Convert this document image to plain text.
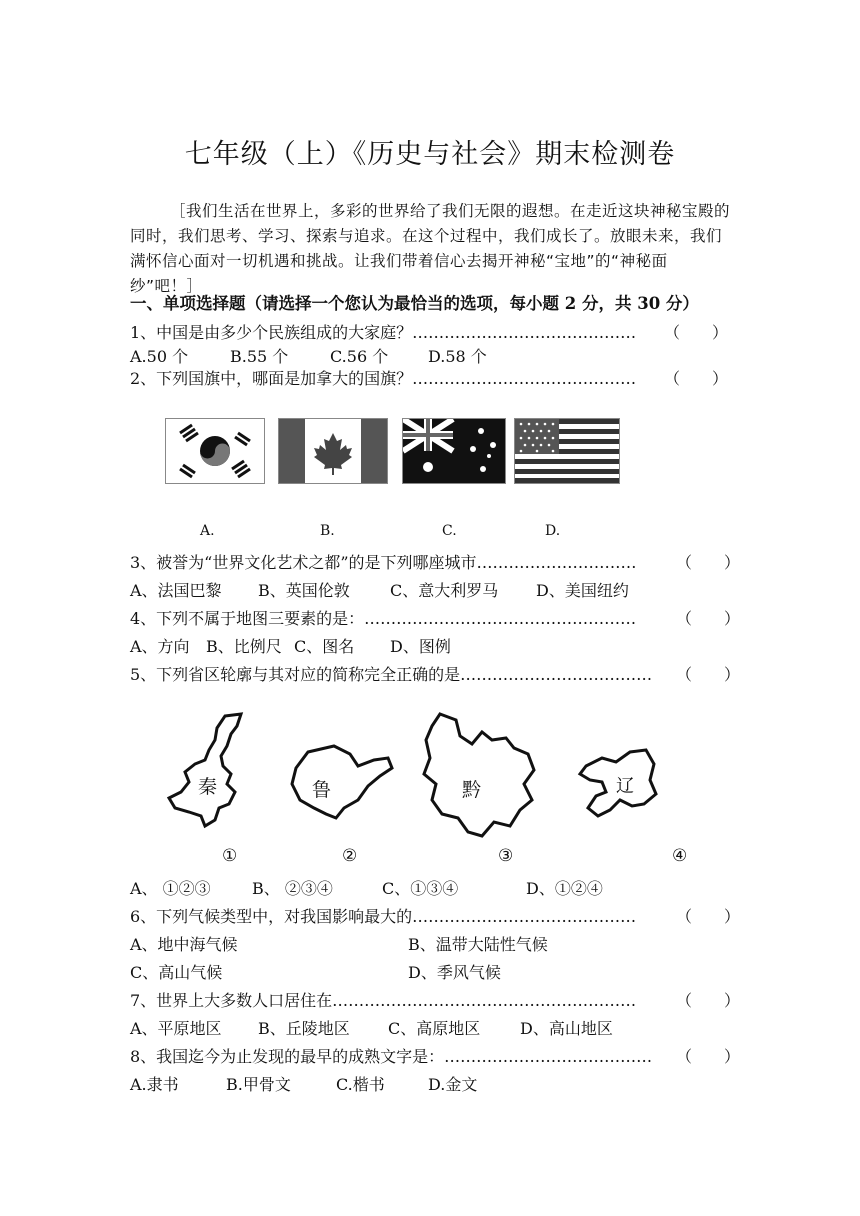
七年级（上）《历史与社会》期末检测卷
［我们生活在世界上，多彩的世界给了我们无限的遐想。在走近这块神秘宝殿的同时，我们思考、学习、探索与追求。在这个过程中，我们成长了。放眼未来，我们满怀信心面对一切机遇和挑战。让我们带着信心去揭开神秘“宝地”的“神秘面纱”吧！］
一、单项选择题（请选择一个您认为最恰当的选项，每小题 2 分，共 30 分）
1、中国是由多少个民族组成的大家庭？…………………………………… （　　）
A.50 个	B.55 个	C.56 个 D.58 个
2、下列国旗中，哪面是加拿大的国旗？…………………………………… （　　）
A.	B.	C.	D.
3、被誉为“世界文化艺术之都”的是下列哪座城市………………………… （　　）
A、法国巴黎 B、英国伦敦	C、意大利罗马 D、美国纽约
4、下列不属于地图三要素的是：…………………………………………… （　　）
A、方向 B、比例尺 C、图名 D、图例
5、下列省区轮廓与其对应的简称完全正确的是……………………………… （　　）
秦	鲁	黔	辽
①	②	③	④
A、 ①②③	B、 ②③④	C、①③④	D、①②④
6、下列气候类型中，对我国影响最大的…………………………………… （　　）
A、地中海气候	B、温带大陆性气候
C、高山气候	D、季风气候
7、世界上大多数人口居住在………………………………………………… （　　）
A、平原地区 B、丘陵地区 C、高原地区 D、高山地区
8、我国迄今为止发现的最早的成熟文字是：………………………………… （　　）
A.隶书	B.甲骨文	C.楷书	D.金文
